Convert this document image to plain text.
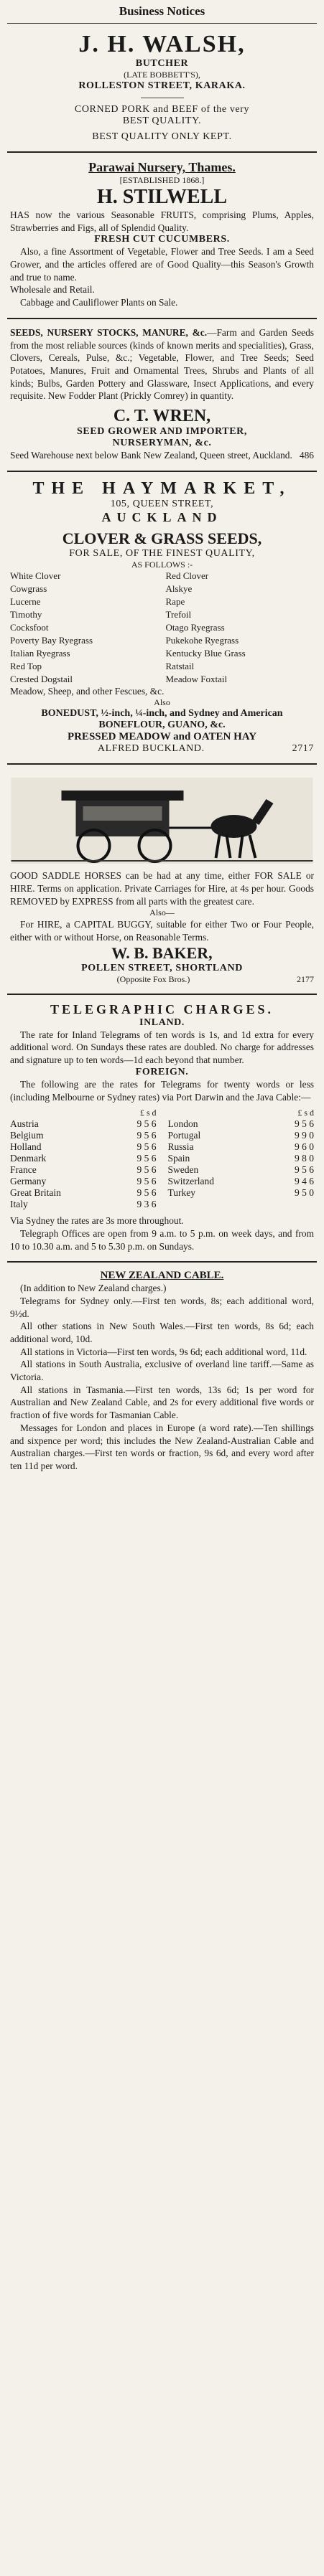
Business Notices
J. H. WALSH,
BUTCHER
(LATE BOBBETT'S),
ROLLESTON STREET, KARAKA.
CORNED PORK and BEEF of the very
BEST QUALITY.
BEST QUALITY ONLY KEPT.
Parawai Nursery, Thames.
[ESTABLISHED 1868.]
H. STILWELL
HAS now the various Seasonable FRUITS, comprising Plums, Apples, Strawberries and Figs, all of Splendid Quality.
FRESH CUT CUCUMBERS.
Also, a fine Assortment of Vegetable, Flower and Tree Seeds. I am a Seed Grower, and the articles offered are of Good Quality—this Season's Growth and true to name.
Wholesale and Retail.
Cabbage and Cauliflower Plants on Sale.
SEEDS, NURSERY STOCKS, MANURE, &c.—Farm and Garden Seeds from the most reliable sources (kinds of known merits and specialities), Grass, Clovers, Cereals, Pulse, &c.; Vegetable, Flower, and Tree Seeds; Seed Potatoes, Manures, Fruit and Ornamental Trees, Shrubs and Plants of all kinds; Bulbs, Garden Pottery and Glassware, Insect Applications, and every requisite. New Fodder Plant (Prickly Comrey) in quantity.
C. T. WREN,
SEED GROWER AND IMPORTER,
NURSERYMAN, &c.
Seed Warehouse next below Bank New Zealand, Queen street, Auckland. 486
THE HAYMARKET,
105, QUEEN STREET,
AUCKLAND
CLOVER & GRASS SEEDS,
FOR SALE, OF THE FINEST QUALITY,
AS FOLLOWS :-
White Clover	Red Clover
Cowgrass	Alskye
Lucerne	Rape
Timothy	Trefoil
Cocksfoot	Otago Ryegrass
Poverty Bay Ryegrass	Pukekohe Ryegrass
Italian Ryegrass	Kentucky Blue Grass
Red Top	Ratstail
Crested Dogstail	Meadow Foxtail
Meadow, Sheep, and other Fescues, &c.
Also
BONEDUST, ½-inch, ¼-inch, and Sydney and American BONEFLOUR, GUANO, &c.
PRESSED MEADOW and OATEN HAY
ALFRED BUCKLAND.	2717
GOOD SADDLE HORSES can be had at any time, either FOR SALE or HIRE. Terms on application. Private Carriages for Hire, at 4s per hour. Goods REMOVED by EXPRESS from all parts with the greatest care.
Also—
For HIRE, a CAPITAL BUGGY, suitable for either Two or Four People, either with or without Horse, on Reasonable Terms.
W. B. BAKER,
POLLEN STREET, SHORTLAND
(Opposite Fox Bros.)	2177
TELEGRAPHIC CHARGES.
INLAND.
The rate for Inland Telegrams of ten words is 1s, and 1d extra for every additional word. On Sundays these rates are doubled. No charge for addresses and signature up to ten words—1d each beyond that number.
FOREIGN.
The following are the rates for Telegrams for twenty words or less (including Melbourne or Sydney rates) via Port Darwin and the Java Cable:—
£ s d	£ s d
Austria	9 5 6
Belgium	9 5 6
Holland	9 5 6
Denmark	9 5 6
France	9 5 6
Germany	9 5 6
Great Britain	9 5 6
Italy	9 3 6
London	9 5 6
Portugal	9 9 0
Russia	9 6 0
Spain	9 8 0
Sweden	9 5 6
Switzerland	9 4 6
Turkey	9 5 0
Via Sydney the rates are 3s more throughout.
Telegraph Offices are open from 9 a.m. to 5 p.m. on week days, and from 10 to 10.30 a.m. and 5 to 5.30 p.m. on Sundays.
NEW ZEALAND CABLE.
(In addition to New Zealand charges.)
Telegrams for Sydney only.—First ten words, 8s; each additional word, 9½d.
All other stations in New South Wales.—First ten words, 8s 6d; each additional word, 10d.
All stations in Victoria—First ten words, 9s 6d; each additional word, 11d.
All stations in South Australia, exclusive of overland line tariff.—Same as Victoria.
All stations in Tasmania.—First ten words, 13s 6d; 1s per word for Australian and New Zealand Cable, and 2s for every additional five words or fraction of five words for Tasmanian Cable.
Messages for London and places in Europe (a word rate).—Ten shillings and sixpence per word; this includes the New Zealand-Australian Cable and Australian charges.—First ten words or fraction, 9s 6d, and every word after ten 11d per word.
